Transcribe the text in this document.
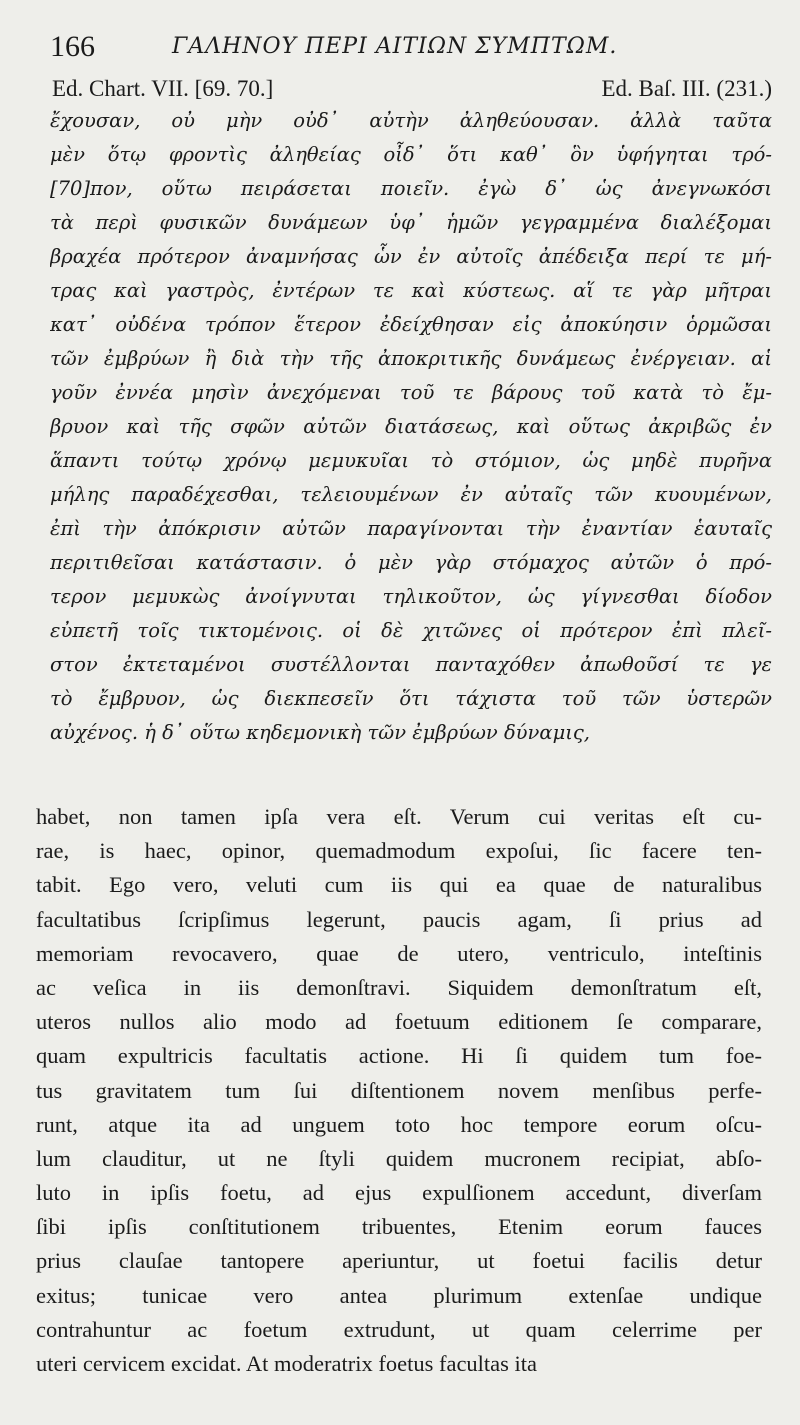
166	ΓΑΛΗΝΟΥ ΠΕΡΙ ΑΙΤΙΩΝ ΣΥΜΠΤΩΜ.
Ed. Chart. VII. [69. 70.]	Ed. Baſ. III. (231.)
ἔχουσαν, οὐ μὴν οὐδ᾽ αὐτὴν ἀληθεύουσαν. ἀλλὰ ταῦτα
μὲν ὅτῳ φροντὶς ἀληθείας οἶδ᾽ ὅτι καθ᾽ ὃν ὑφήγηται τρό-
[70]πον, οὕτω πειράσεται ποιεῖν. ἐγὼ δ᾽ ὡς ἀνεγνωκόσι
τὰ περὶ φυσικῶν δυνάμεων ὑφ᾽ ἡμῶν γεγραμμένα διαλέξομαι
βραχέα πρότερον ἀναμνήσας ὧν ἐν αὐτοῖς ἀπέδειξα περί τε μή-
τρας καὶ γαστρὸς, ἐντέρων τε καὶ κύστεως. αἵ τε γὰρ μῆτραι
κατ᾽ οὐδένα τρόπον ἕτερον ἐδείχθησαν εἰς ἀποκύησιν ὁρμῶσαι
τῶν ἐμβρύων ἢ διὰ τὴν τῆς ἀποκριτικῆς δυνάμεως ἐνέργειαν. αἱ
γοῦν ἐννέα μησὶν ἀνεχόμεναι τοῦ τε βάρους τοῦ κατὰ τὸ ἔμ-
βρυον καὶ τῆς σφῶν αὐτῶν διατάσεως, καὶ οὕτως ἀκριβῶς ἐν
ἅπαντι τούτῳ χρόνῳ μεμυκυῖαι τὸ στόμιον, ὡς μηδὲ πυρῆνα
μήλης παραδέχεσθαι, τελειουμένων ἐν αὐταῖς τῶν κυουμένων,
ἐπὶ τὴν ἀπόκρισιν αὐτῶν παραγίνονται τὴν ἐναντίαν ἑαυταῖς
περιτιθεῖσαι κατάστασιν. ὁ μὲν γὰρ στόμαχος αὐτῶν ὁ πρό-
τερον μεμυκὼς ἀνοίγνυται τηλικοῦτον, ὡς γίγνεσθαι δίοδον
εὐπετῆ τοῖς τικτομένοις. οἱ δὲ χιτῶνες οἱ πρότερον ἐπὶ πλεῖ-
στον ἐκτεταμένοι συστέλλονται πανταχόθεν ἀπωθοῦσί τε γε
τὸ ἔμβρυον, ὡς διεκπεσεῖν ὅτι τάχιστα τοῦ τῶν ὑστερῶν
αὐχένος. ἡ δ᾽ οὕτω κηδεμονικὴ τῶν ἐμβρύων δύναμις,
habet, non tamen ipſa vera eſt. Verum cui veritas eſt cu-
rae, is haec, opinor, quemadmodum expoſui, ſic facere ten-
tabit. Ego vero, veluti cum iis qui ea quae de naturalibus
facultatibus ſcripſimus legerunt, paucis agam, ſi prius ad
memoriam revocavero, quae de utero, ventriculo, inteſtinis
ac veſica in iis demonſtravi. Siquidem demonſtratum eſt,
uteros nullos alio modo ad foetuum editionem ſe comparare,
quam expultricis facultatis actione. Hi ſi quidem tum foe-
tus gravitatem tum ſui diſtentionem novem menſibus perfe-
runt, atque ita ad unguem toto hoc tempore eorum oſcu-
lum clauditur, ut ne ſtyli quidem mucronem recipiat, abſo-
luto in ipſis foetu, ad ejus expulſionem accedunt, diverſam
ſibi ipſis conſtitutionem tribuentes, Etenim eorum fauces
prius clauſae tantopere aperiuntur, ut foetui facilis detur
exitus; tunicae vero antea plurimum extenſae undique
contrahuntur ac foetum extrudunt, ut quam celerrime per
uteri cervicem excidat. At moderatrix foetus facultas ita
